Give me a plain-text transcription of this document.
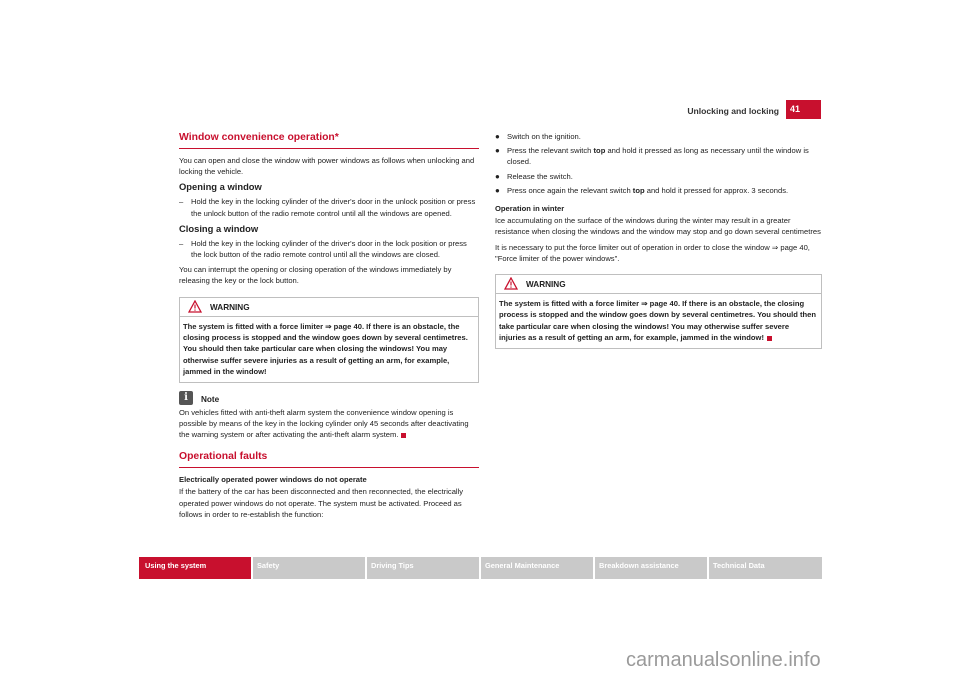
Unlocking and locking	41
Window convenience operation*

You can open and close the window with power windows as follows when unlocking and locking the vehicle.

Opening a window
– Hold the key in the locking cylinder of the driver's door in the unlock position or press the unlock button of the radio remote control until all the windows are opened.
Closing a window
– Hold the key in the locking cylinder of the driver's door in the lock position or press the lock button of the radio remote control until all the windows are closed.

You can interrupt the opening or closing operation of the windows immediately by releasing the key or the lock button.

WARNING
The system is fitted with a force limiter ⇒ page 40. If there is an obstacle, the closing process is stopped and the window goes down by several centimetres. You should then take particular care when closing the windows! You may otherwise suffer severe injuries as a result of getting an arm, for example, jammed in the window!
i	Note

On vehicles fitted with anti-theft alarm system the convenience window opening is possible by means of the key in the locking cylinder only 45 seconds after deactivating the warning system or after activating the anti-theft alarm system.

Operational faults

Electrically operated power windows do not operate

If the battery of the car has been disconnected and then reconnected, the electrically operated power windows do not operate. The system must be activated. Proceed as follows in order to re-establish the function:

● Switch on the ignition.
● Press the relevant switch top and hold it pressed as long as necessary until the window is closed.
● Release the switch.
● Press once again the relevant switch top and hold it pressed for approx. 3 seconds.

Operation in winter

Ice accumulating on the surface of the windows during the winter may result in a greater resistance when closing the windows and the window may stop and go down several centimetres

It is necessary to put the force limiter out of operation in order to close the window ⇒ page 40, "Force limiter of the power windows".

WARNING
The system is fitted with a force limiter ⇒ page 40. If there is an obstacle, the closing process is stopped and the window goes down by several centimetres. You should then take particular care when closing the windows! You may otherwise suffer severe injuries as a result of getting an arm, for example, jammed in the window!
Using the system	Safety	Driving Tips	General Maintenance	Breakdown assistance	Technical Data
carmanualsonline.info
